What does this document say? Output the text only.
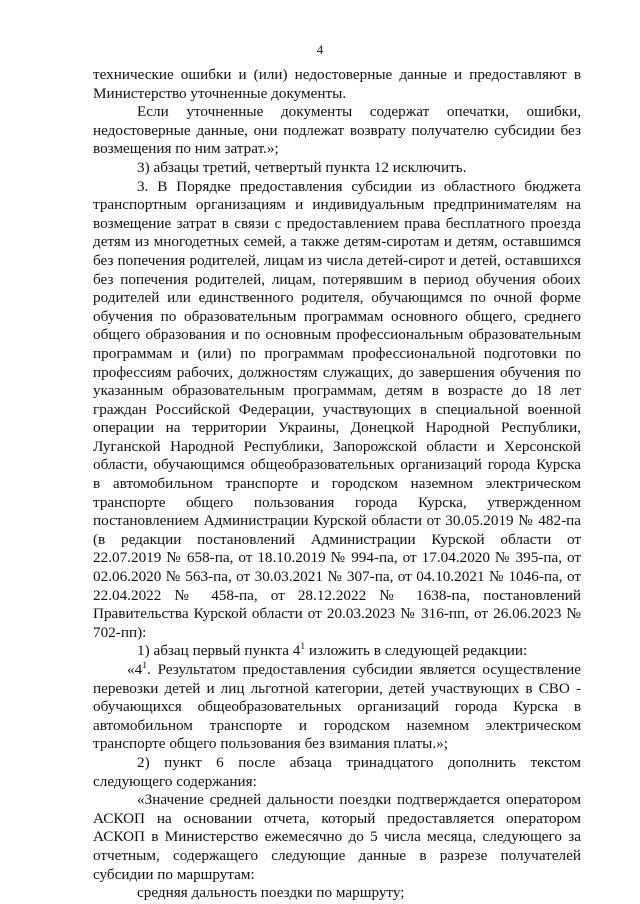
4

технические ошибки и (или) недостоверные данные и предоставляют в Министерство уточненные документы.

Если уточненные документы содержат опечатки, ошибки, недостоверные данные, они подлежат возврату получателю субсидии без возмещения по ним затрат.»;

3) абзацы третий, четвертый пункта 12 исключить.

3. В Порядке предоставления субсидии из областного бюджета транспортным организациям и индивидуальным предпринимателям на возмещение затрат в связи с предоставлением права бесплатного проезда детям из многодетных семей, а также детям-сиротам и детям, оставшимся без попечения родителей, лицам из числа детей-сирот и детей, оставшихся без попечения родителей, лицам, потерявшим в период обучения обоих родителей или единственного родителя, обучающимся по очной форме обучения по образовательным программам основного общего, среднего общего образования и по основным профессиональным образовательным программам и (или) по программам профессиональной подготовки по профессиям рабочих, должностям служащих, до завершения обучения по указанным образовательным программам, детям в возрасте до 18 лет граждан Российской Федерации, участвующих в специальной военной операции на территории Украины, Донецкой Народной Республики, Луганской Народной Республики, Запорожской области и Херсонской области, обучающимся общеобразовательных организаций города Курска в автомобильном транспорте и городском наземном электрическом транспорте общего пользования города Курска, утвержденном постановлением Администрации Курской области от 30.05.2019 № 482-па (в редакции постановлений Администрации Курской области от 22.07.2019 № 658-па, от 18.10.2019 № 994-па, от 17.04.2020 № 395-па, от 02.06.2020 № 563-па, от 30.03.2021 № 307-па, от 04.10.2021 № 1046-па, от 22.04.2022 № 458-па, от 28.12.2022 № 1638-па, постановлений Правительства Курской области от 20.03.2023 № 316-пп, от 26.06.2023 № 702-пп):

1) абзац первый пункта $4^1$ изложить в следующей редакции:

«$4^1$. Результатом предоставления субсидии является осуществление перевозки детей и лиц льготной категории, детей участвующих в СВО - обучающихся общеобразовательных организаций города Курска в автомобильном транспорте и городском наземном электрическом транспорте общего пользования без взимания платы.»;

2) пункт 6 после абзаца тринадцатого дополнить текстом следующего содержания:

«Значение средней дальности поездки подтверждается оператором АСКОП на основании отчета, который предоставляется оператором АСКОП в Министерство ежемесячно до 5 числа месяца, следующего за отчетным, содержащего следующие данные в разрезе получателей субсидии по маршрутам:

средняя дальность поездки по маршруту;
